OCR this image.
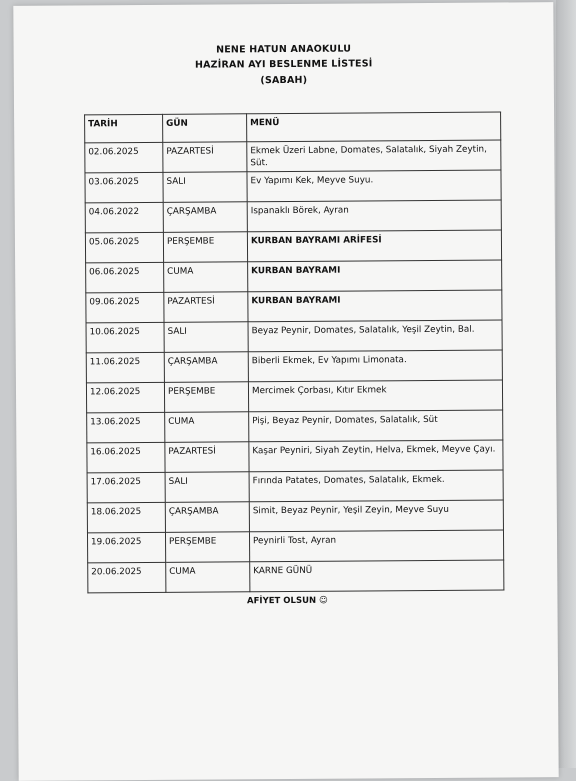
NENE HATUN ANAOKULU
HAZİRAN AYI BESLENME LİSTESİ
(SABAH)
TARİH	GÜN	MENÜ
02.06.2025	PAZARTESİ	Ekmek Üzeri Labne, Domates, Salatalık, Siyah Zeytin, Süt.
03.06.2025	SALI	Ev Yapımı Kek, Meyve Suyu.
04.06.2022	ÇARŞAMBA	Ispanaklı Börek, Ayran
05.06.2025	PERŞEMBE	KURBAN BAYRAMI ARİFESİ
06.06.2025	CUMA	KURBAN BAYRAMI
09.06.2025	PAZARTESİ	KURBAN BAYRAMI
10.06.2025	SALI	Beyaz Peynir, Domates, Salatalık, Yeşil Zeytin, Bal.
11.06.2025	ÇARŞAMBA	Biberli Ekmek, Ev Yapımı Limonata.
12.06.2025	PERŞEMBE	Mercimek Çorbası, Kıtır Ekmek
13.06.2025	CUMA	Pişi, Beyaz Peynir, Domates, Salatalık, Süt
16.06.2025	PAZARTESİ	Kaşar Peyniri, Siyah Zeytin, Helva, Ekmek, Meyve Çayı.
17.06.2025	SALI	Fırında Patates, Domates, Salatalık, Ekmek.
18.06.2025	ÇARŞAMBA	Simit, Beyaz Peynir, Yeşil Zeyin, Meyve Suyu
19.06.2025	PERŞEMBE	Peynirli Tost, Ayran
20.06.2025	CUMA	KARNE GÜNÜ
AFİYET OLSUN ☺
